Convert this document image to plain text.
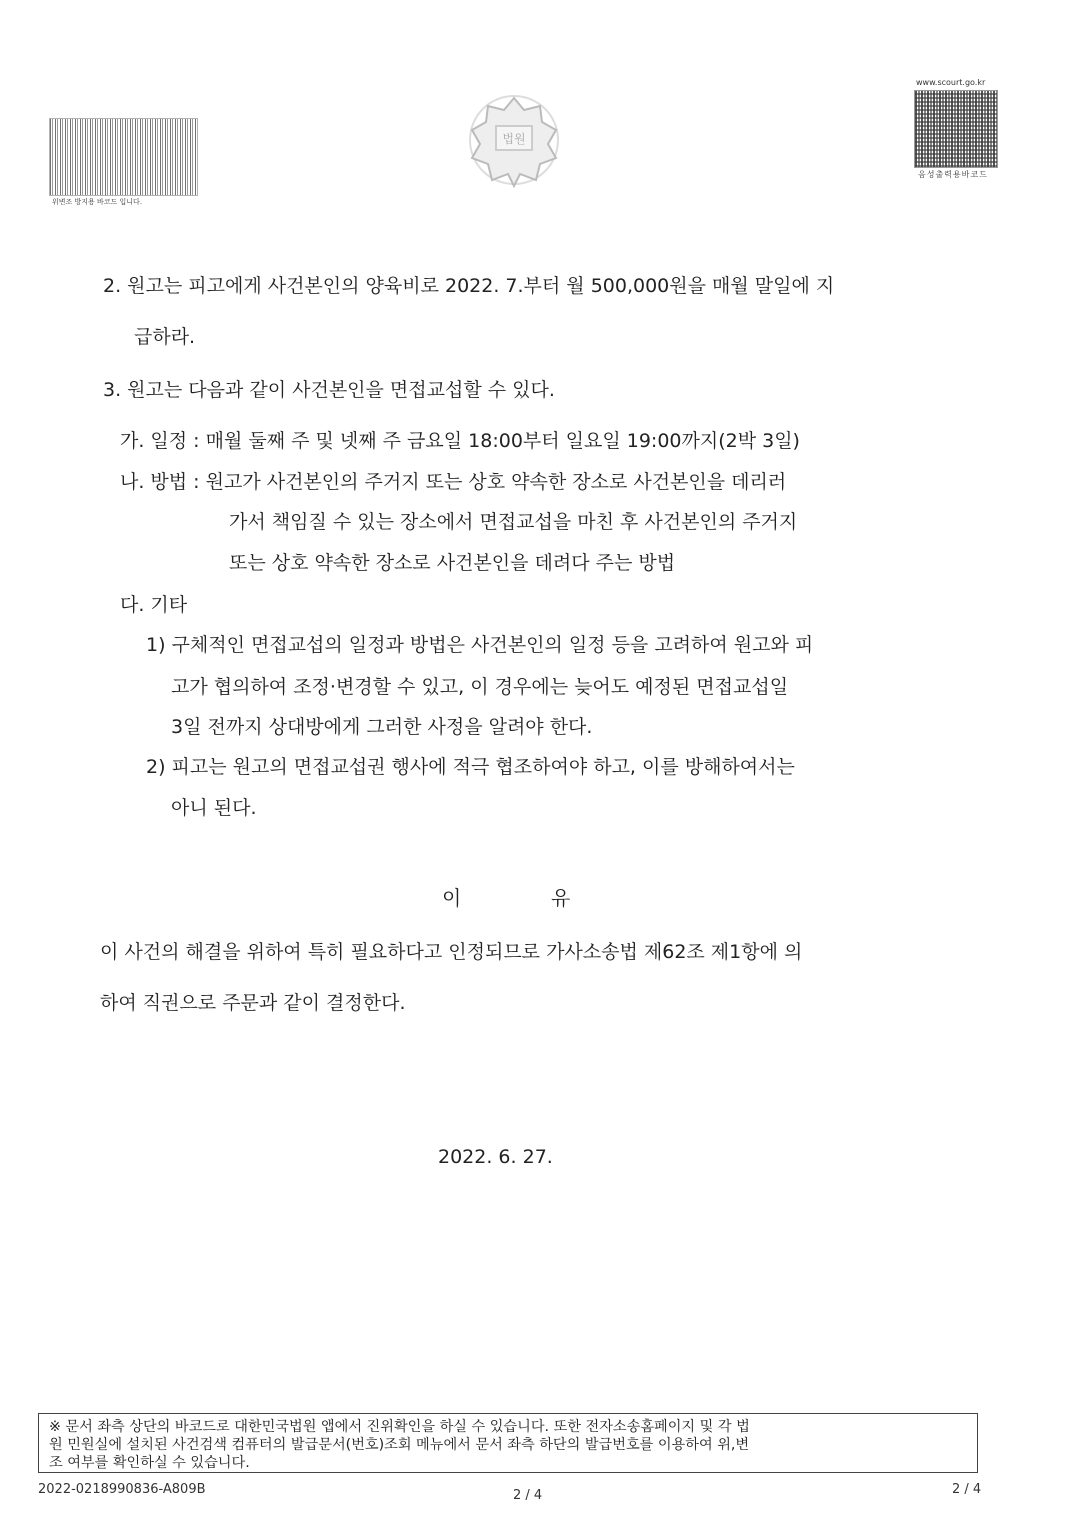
위변조 방지용 바코드 입니다.
법원
www.scourt.go.kr
음성출력용바코드
2. 원고는 피고에게 사건본인의 양육비로 2022. 7.부터 월 500,000원을 매월 말일에 지
급하라.
3. 원고는 다음과 같이 사건본인을 면접교섭할 수 있다.
가. 일정 : 매월 둘째 주 및 넷째 주 금요일 18:00부터 일요일 19:00까지(2박 3일)
나. 방법 : 원고가 사건본인의 주거지 또는 상호 약속한 장소로 사건본인을 데리러
가서 책임질 수 있는 장소에서 면접교섭을 마친 후 사건본인의 주거지
또는 상호 약속한 장소로 사건본인을 데려다 주는 방법
다. 기타
1) 구체적인 면접교섭의 일정과 방법은 사건본인의 일정 등을 고려하여 원고와 피
고가 협의하여 조정·변경할 수 있고, 이 경우에는 늦어도 예정된 면접교섭일
3일 전까지 상대방에게 그러한 사정을 알려야 한다.
2) 피고는 원고의 면접교섭권 행사에 적극 협조하여야 하고, 이를 방해하여서는
아니 된다.
이	유
이 사건의 해결을 위하여 특히 필요하다고 인정되므로 가사소송법 제62조 제1항에 의
하여 직권으로 주문과 같이 결정한다.
2022. 6. 27.
※ 문서 좌측 상단의 바코드로 대한민국법원 앱에서 진위확인을 하실 수 있습니다. 또한 전자소송홈페이지 및 각 법
원 민원실에 설치된 사건검색 컴퓨터의 발급문서(번호)조회 메뉴에서 문서 좌측 하단의 발급번호를 이용하여 위,변
조 여부를 확인하실 수 있습니다.
2022-0218990836-A809B	2 / 4	2 / 4
